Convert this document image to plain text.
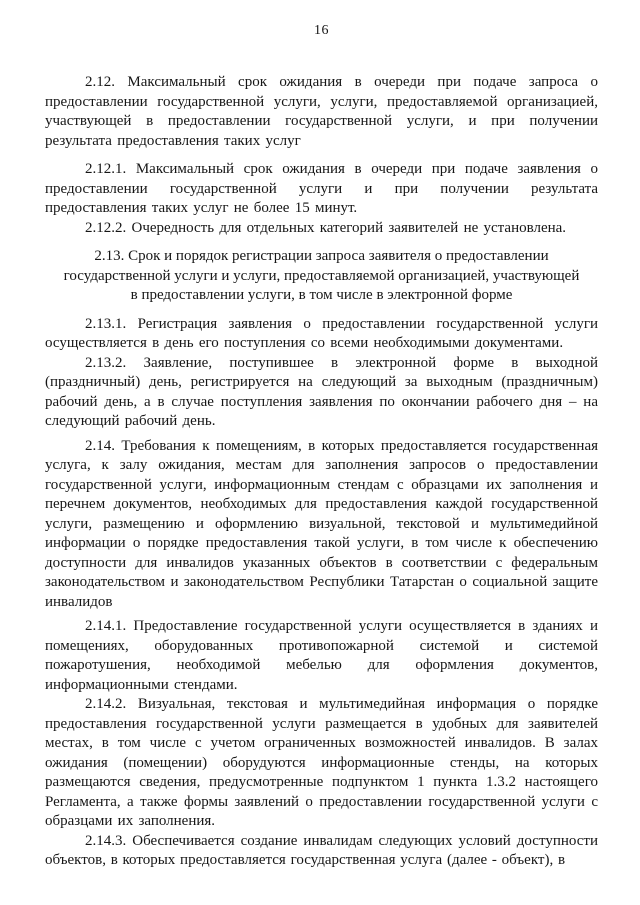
16

2.12. Максимальный срок ожидания в очереди при подаче запроса о предоставлении государственной услуги, услуги, предоставляемой организацией, участвующей в предоставлении государственной услуги, и при получении результата предоставления таких услуг

2.12.1. Максимальный срок ожидания в очереди при подаче заявления о предоставлении государственной услуги и при получении результата предоставления таких услуг не более 15 минут.

2.12.2. Очередность для отдельных категорий заявителей не установлена.

2.13. Срок и порядок регистрации запроса заявителя о предоставлении государственной услуги и услуги, предоставляемой организацией, участвующей в предоставлении услуги, в том числе в электронной форме

2.13.1. Регистрация заявления о предоставлении государственной услуги осуществляется в день его поступления со всеми необходимыми документами.

2.13.2. Заявление, поступившее в электронной форме в выходной (праздничный) день, регистрируется на следующий за выходным (праздничным) рабочий день, а в случае поступления заявления по окончании рабочего дня – на следующий рабочий день.

2.14. Требования к помещениям, в которых предоставляется государственная услуга, к залу ожидания, местам для заполнения запросов о предоставлении государственной услуги, информационным стендам с образцами их заполнения и перечнем документов, необходимых для предоставления каждой государственной услуги, размещению и оформлению визуальной, текстовой и мультимедийной информации о порядке предоставления такой услуги, в том числе к обеспечению доступности для инвалидов указанных объектов в соответствии с федеральным законодательством и законодательством Республики Татарстан о социальной защите инвалидов

2.14.1. Предоставление государственной услуги осуществляется в зданиях и помещениях, оборудованных противопожарной системой и системой пожаротушения, необходимой мебелью для оформления документов, информационными стендами.

2.14.2. Визуальная, текстовая и мультимедийная информация о порядке предоставления государственной услуги размещается в удобных для заявителей местах, в том числе с учетом ограниченных возможностей инвалидов. В залах ожидания (помещении) оборудуются информационные стенды, на которых размещаются сведения, предусмотренные подпунктом 1 пункта 1.3.2 настоящего Регламента, а также формы заявлений о предоставлении государственной услуги с образцами их заполнения.

2.14.3. Обеспечивается создание инвалидам следующих условий доступности объектов, в которых предоставляется государственная услуга (далее - объект), в
